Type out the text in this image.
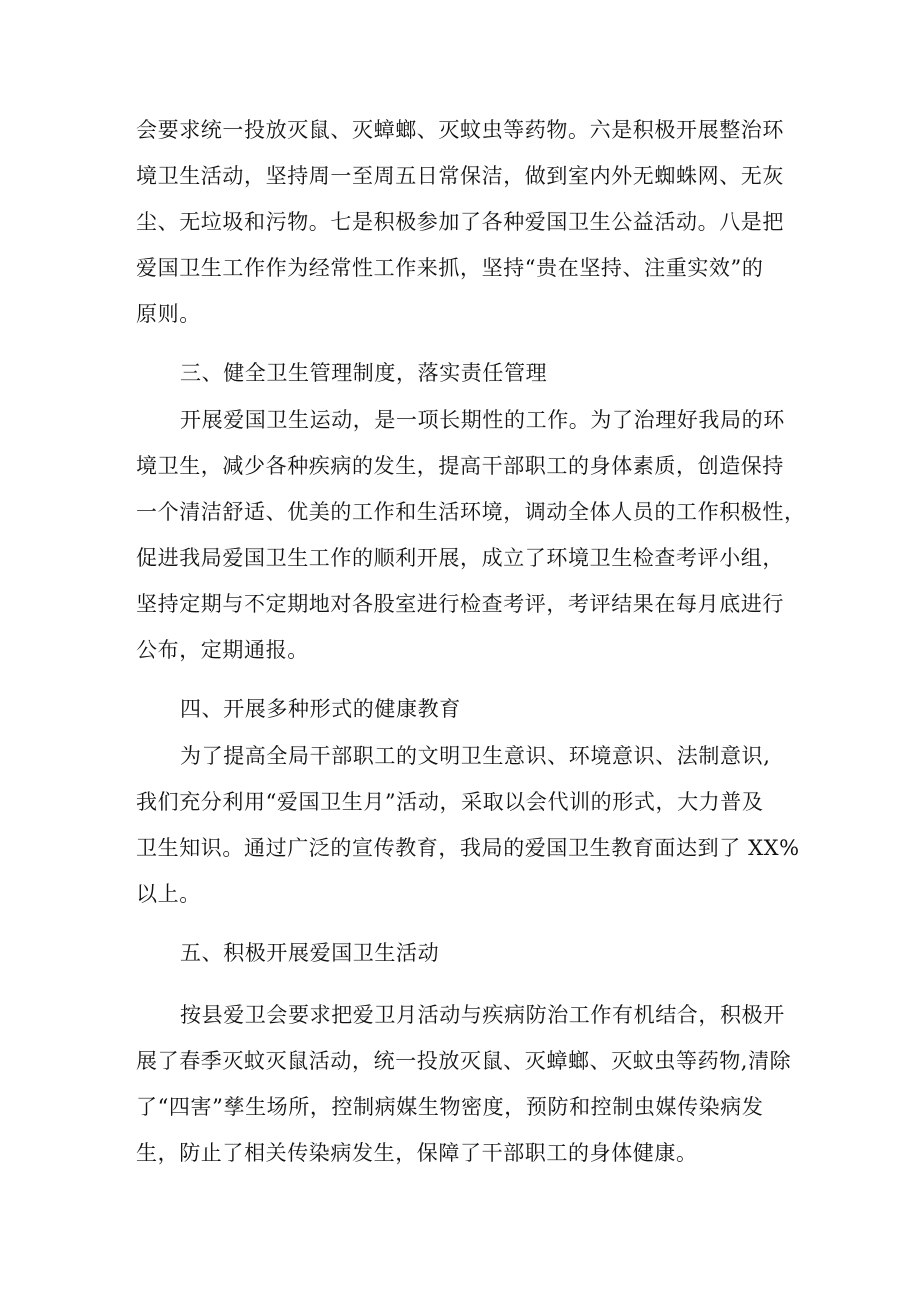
会要求统一投放灭鼠、灭蟑螂、灭蚊虫等药物。六是积极开展整治环
境卫生活动，坚持周一至周五日常保洁，做到室内外无蜘蛛网、无灰
尘、无垃圾和污物。七是积极参加了各种爱国卫生公益活动。八是把
爱国卫生工作作为经常性工作来抓，坚持“贵在坚持、注重实效”的
原则。
三、健全卫生管理制度，落实责任管理
开展爱国卫生运动，是一项长期性的工作。为了治理好我局的环
境卫生，减少各种疾病的发生，提高干部职工的身体素质，创造保持
一个清洁舒适、优美的工作和生活环境，调动全体人员的工作积极性，
促进我局爱国卫生工作的顺利开展，成立了环境卫生检查考评小组，
坚持定期与不定期地对各股室进行检查考评，考评结果在每月底进行
公布，定期通报。
四、开展多种形式的健康教育
为了提高全局干部职工的文明卫生意识、环境意识、法制意识,
我们充分利用“爱国卫生月”活动，采取以会代训的形式，大力普及
卫生知识。通过广泛的宣传教育，我局的爱国卫生教育面达到了 XX%
以上。
五、积极开展爱国卫生活动
按县爱卫会要求把爱卫月活动与疾病防治工作有机结合，积极开
展了春季灭蚊灭鼠活动，统一投放灭鼠、灭蟑螂、灭蚊虫等药物,清除
了“四害”孳生场所，控制病媒生物密度，预防和控制虫媒传染病发
生，防止了相关传染病发生，保障了干部职工的身体健康。
